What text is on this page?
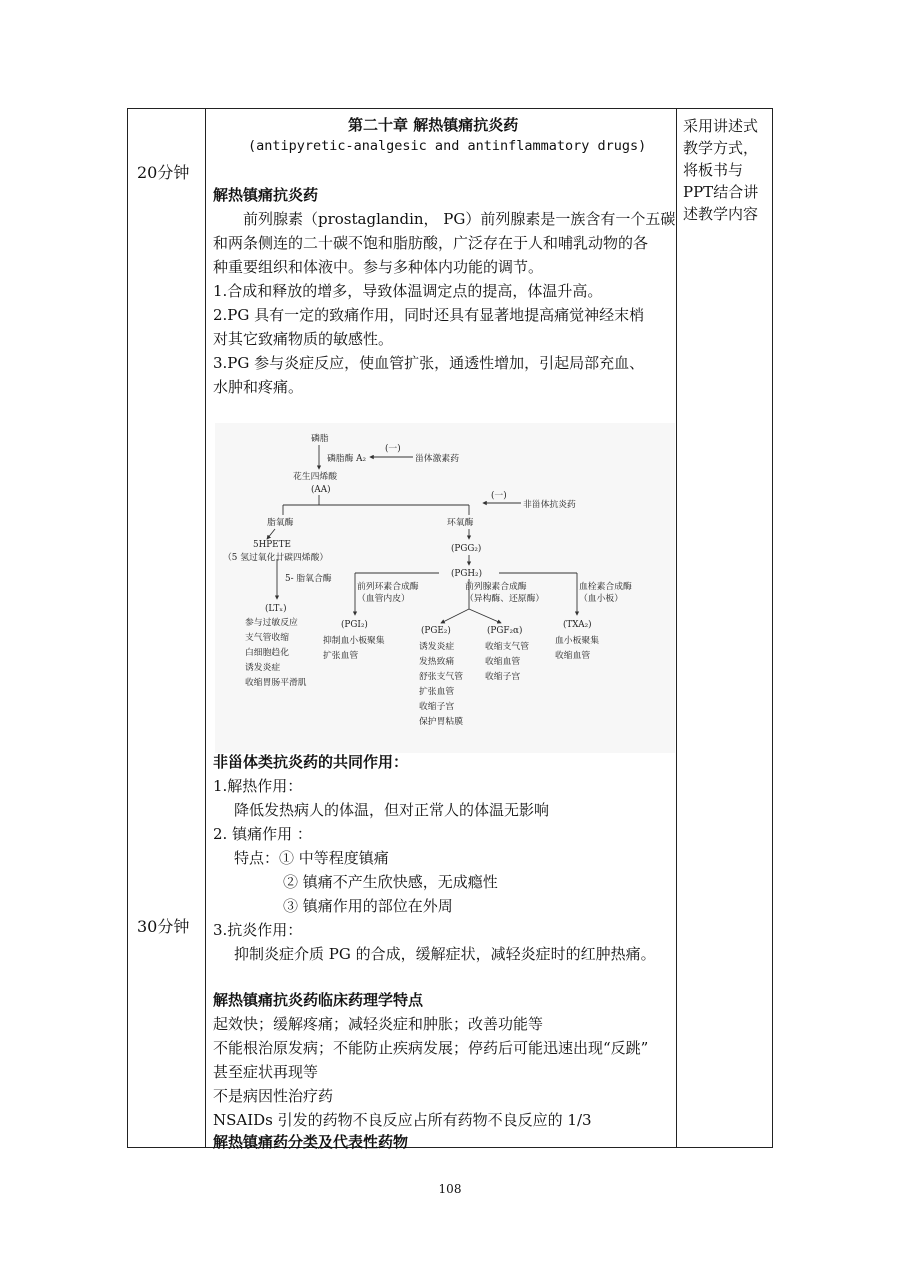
20分钟
30分钟
采用讲述式教学方式，将板书与PPT结合讲述教学内容
第二十章 解热镇痛抗炎药
(antipyretic-analgesic and antinflammatory drugs)
解热镇痛抗炎药
前列腺素（prostaglandin， PG）前列腺素是一族含有一个五碳
和两条侧连的二十碳不饱和脂肪酸，广泛存在于人和哺乳动物的各
种重要组织和体液中。参与多种体内功能的调节。
1.合成和释放的增多，导致体温调定点的提高，体温升高。
2.PG 具有一定的致痛作用，同时还具有显著地提高痛觉神经末梢
对其它致痛物质的敏感性。
3.PG 参与炎症反应，使血管扩张，通透性增加，引起局部充血、
水肿和疼痛。
磷脂
磷脂酶 A₂
(一)
甾体激素药
花生四烯酸
(AA)
脂氧酶	环氧酶
(一)
非甾体抗炎药
5HPETE
（5 氢过氧化廿碳四烯酸）
(PGG₂)
(PGH₂)
5- 脂氧合酶
(LTₓ)
参与过敏反应
支气管收缩
白细胞趋化
诱发炎症
收缩胃肠平滑肌
前列环素合成酶
（血管内皮）
(PGI₂)
抑制血小板聚集
扩张血管
前列腺素合成酶
（异构酶、还原酶）
(PGE₂)
诱发炎症
发热致痛
舒张支气管
扩张血管
收缩子宫
保护胃粘膜
(PGF₂α)
收缩支气管
收缩血管
收缩子宫
血栓素合成酶
（血小板）
(TXA₂)
血小板聚集
收缩血管
非甾体类抗炎药的共同作用：
1.解热作用：
降低发热病人的体温，但对正常人的体温无影响
2. 镇痛作用 ：
特点：① 中等程度镇痛
② 镇痛不产生欣快感，无成瘾性
③ 镇痛作用的部位在外周
3.抗炎作用：
抑制炎症介质 PG 的合成，缓解症状，减轻炎症时的红肿热痛。
解热镇痛抗炎药临床药理学特点
起效快；缓解疼痛；减轻炎症和肿胀；改善功能等
不能根治原发病；不能防止疾病发展；停药后可能迅速出现“反跳”
甚至症状再现等
不是病因性治疗药
NSAIDs 引发的药物不良反应占所有药物不良反应的 1/3
解热镇痛药分类及代表性药物
108
